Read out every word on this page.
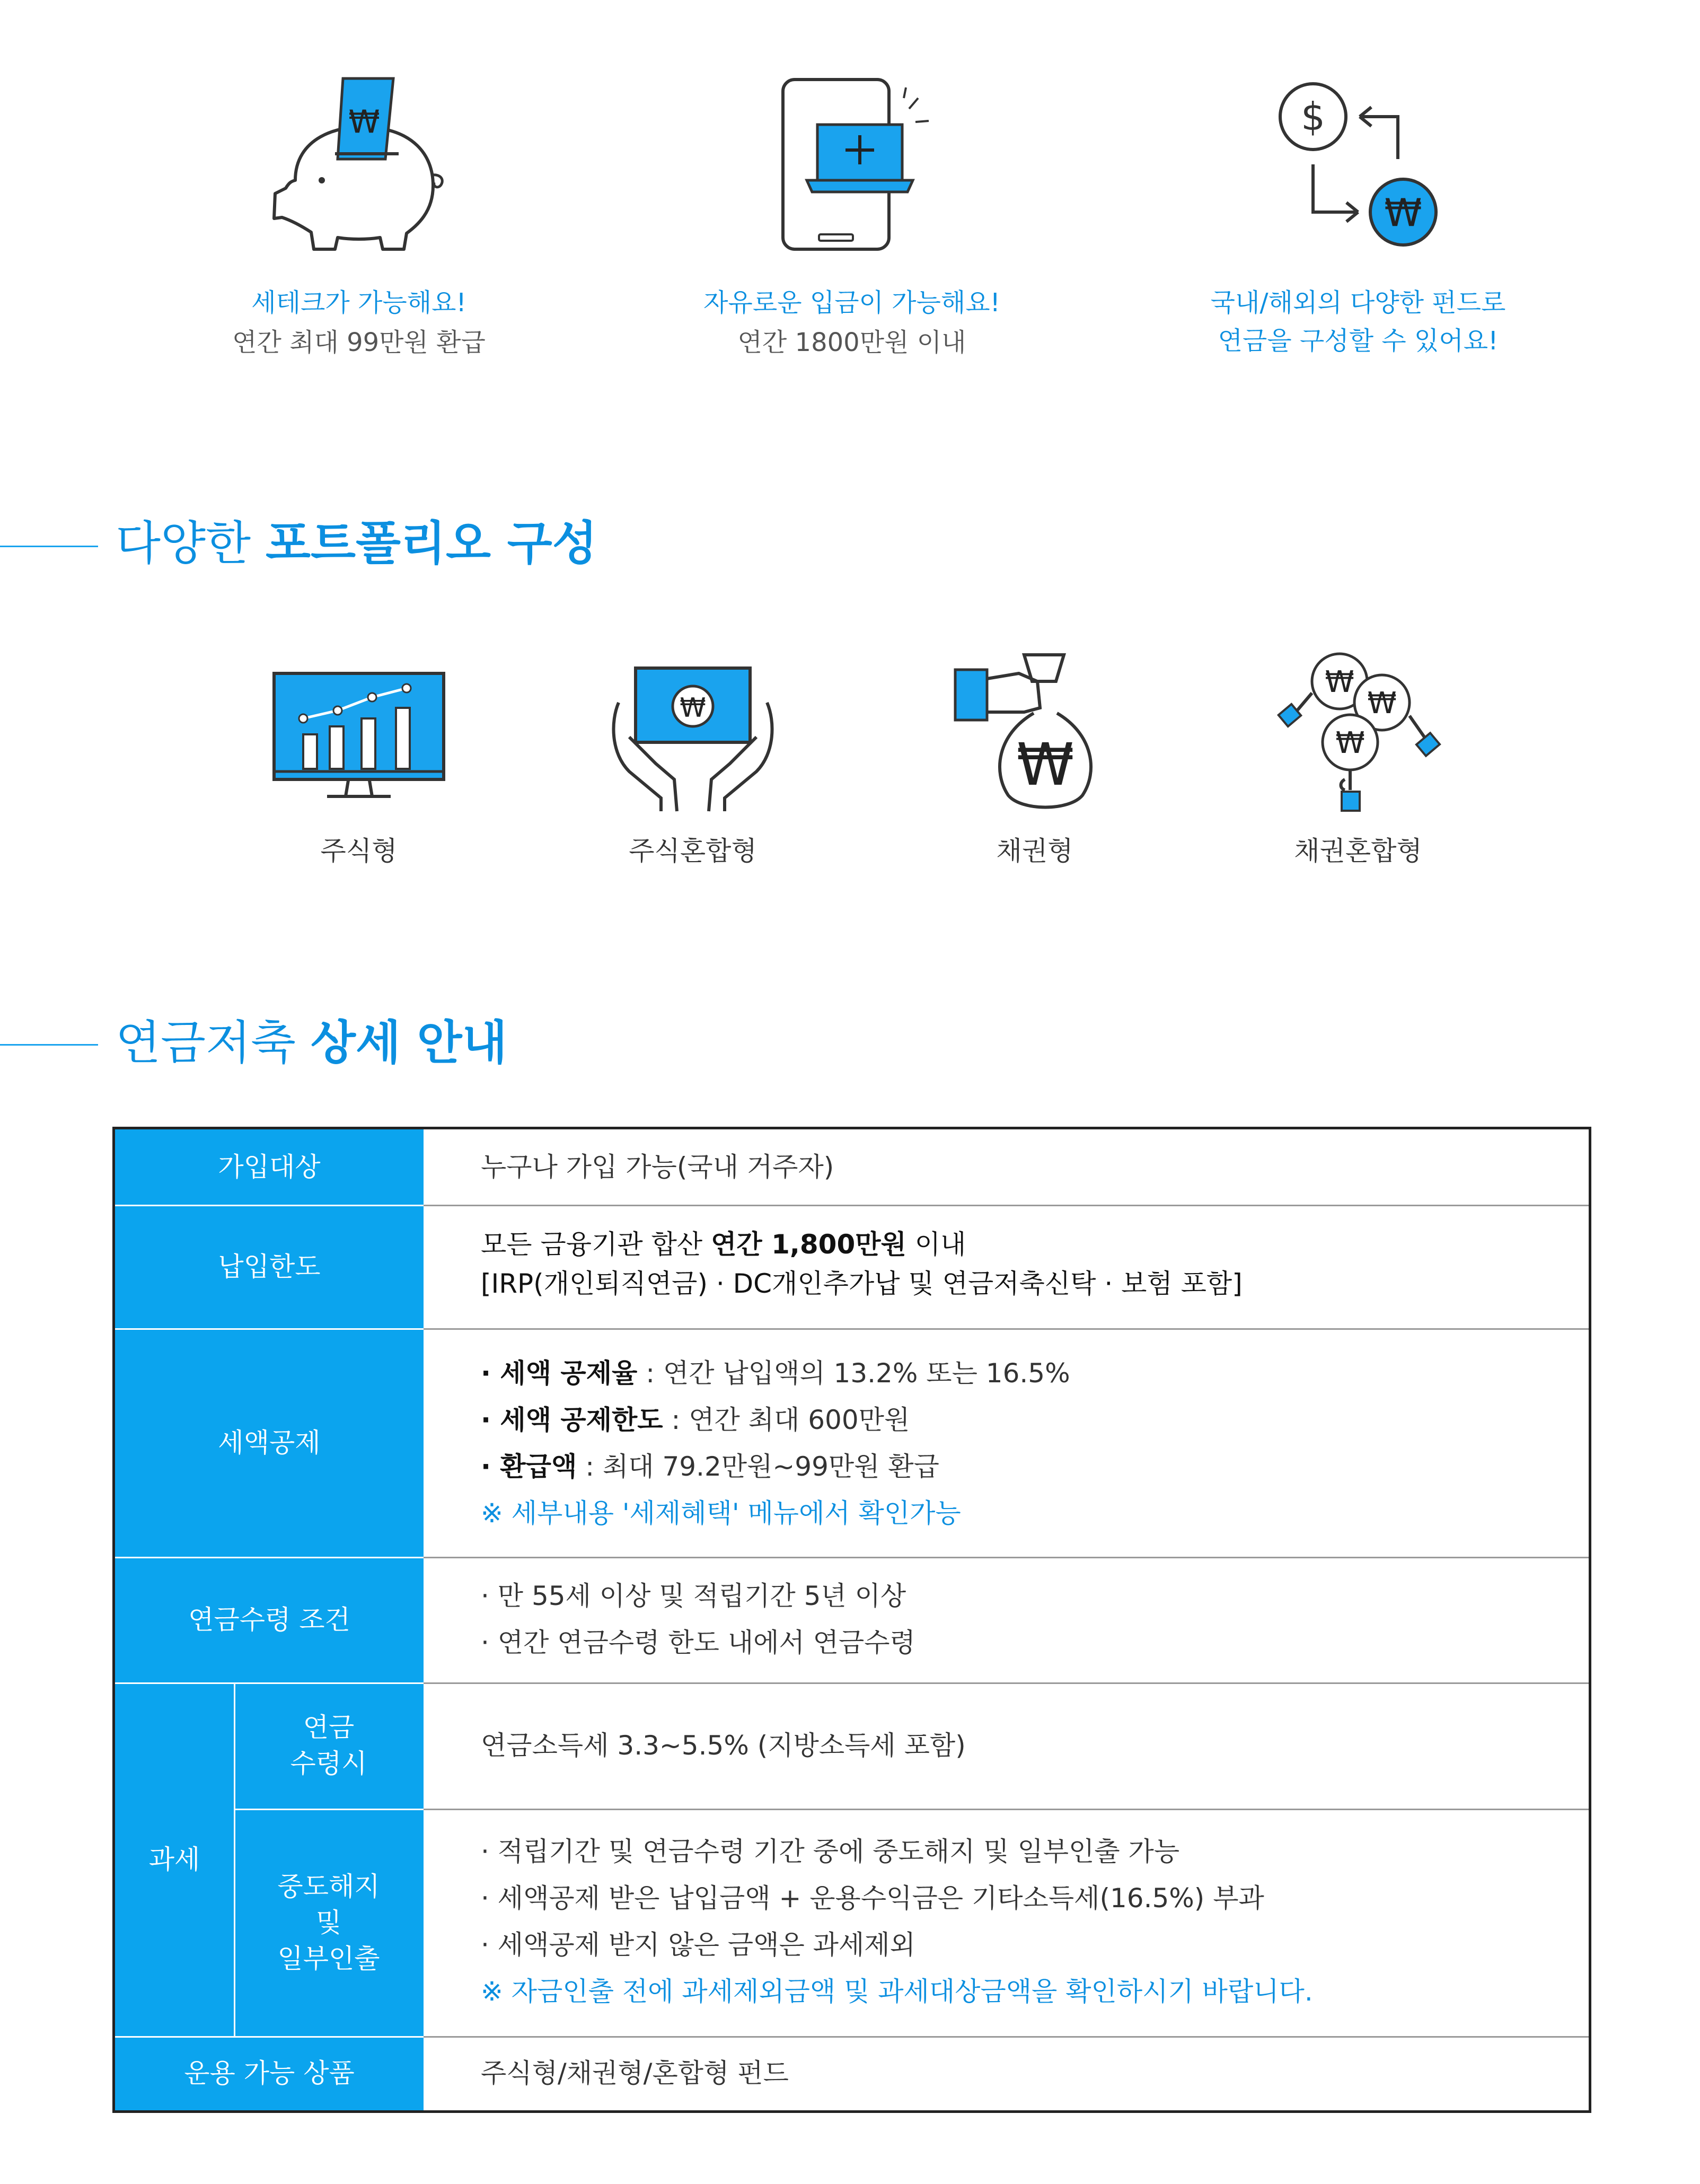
₩
세테크가 가능해요!
연간 최대 99만원 환급
자유로운 입금이 가능해요!
연간 1800만원 이내
$
₩
국내/해외의 다양한 펀드로
연금을 구성할 수 있어요!
다양한 포트폴리오 구성
주식형
₩
주식혼합형
₩
채권형
₩
₩
₩
채권혼합형
연금저축 상세 안내
가입대상
납입한도
세액공제
연금수령 조건
과세
연금
수령시
중도해지
및
일부인출
운용 가능 상품
누구나 가입 가능(국내 거주자)
모든 금융기관 합산 연간 1,800만원 이내
[IRP(개인퇴직연금) · DC개인추가납 및 연금저축신탁 · 보험 포함]
· 세액 공제율 : 연간 납입액의 13.2% 또는 16.5%
· 세액 공제한도 : 연간 최대 600만원
· 환급액 : 최대 79.2만원~99만원 환급
※ 세부내용 '세제혜택' 메뉴에서 확인가능
· 만 55세 이상 및 적립기간 5년 이상
· 연간 연금수령 한도 내에서 연금수령
연금소득세 3.3~5.5% (지방소득세 포함)
· 적립기간 및 연금수령 기간 중에 중도해지 및 일부인출 가능
· 세액공제 받은 납입금액 + 운용수익금은 기타소득세(16.5%) 부과
· 세액공제 받지 않은 금액은 과세제외
※ 자금인출 전에 과세제외금액 및 과세대상금액을 확인하시기 바랍니다.
주식형/채권형/혼합형 펀드
